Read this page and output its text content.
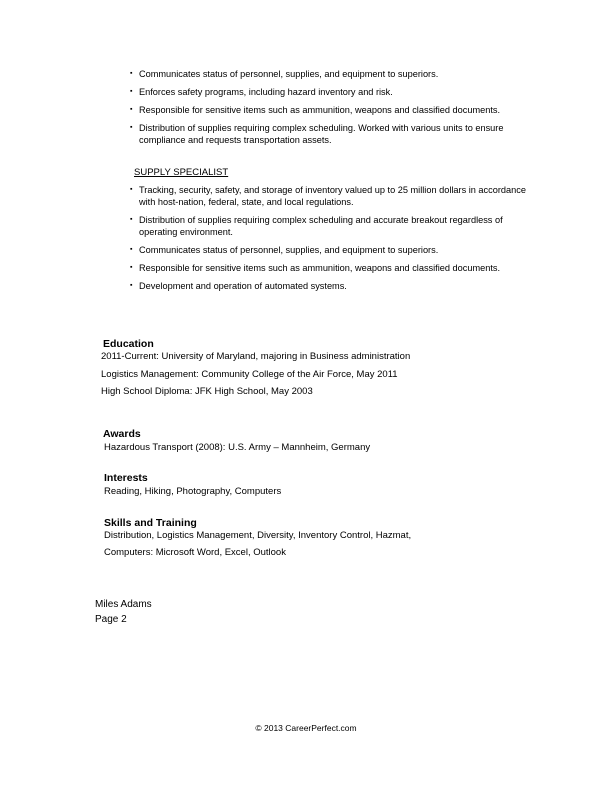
▪ Communicates status of personnel, supplies, and equipment to superiors.
▪ Enforces safety programs, including hazard inventory and risk.
▪ Responsible for sensitive items such as ammunition, weapons and classified documents.
▪ Distribution of supplies requiring complex scheduling. Worked with various units to ensure compliance and requests transportation assets.
SUPPLY SPECIALIST
▪ Tracking, security, safety, and storage of inventory valued up to 25 million dollars in accordance with host-nation, federal, state, and local regulations.
▪ Distribution of supplies requiring complex scheduling and accurate breakout regardless of operating environment.
▪ Communicates status of personnel, supplies, and equipment to superiors.
▪ Responsible for sensitive items such as ammunition, weapons and classified documents.
▪ Development and operation of automated systems.
Education
2011-Current: University of Maryland, majoring in Business administration
Logistics Management: Community College of the Air Force, May 2011
High School Diploma: JFK High School, May 2003
Awards
Hazardous Transport (2008): U.S. Army – Mannheim, Germany
Interests
Reading, Hiking, Photography, Computers
Skills and Training
Distribution, Logistics Management, Diversity, Inventory Control, Hazmat,
Computers: Microsoft Word, Excel, Outlook
Miles Adams
Page 2
© 2013 CareerPerfect.com
